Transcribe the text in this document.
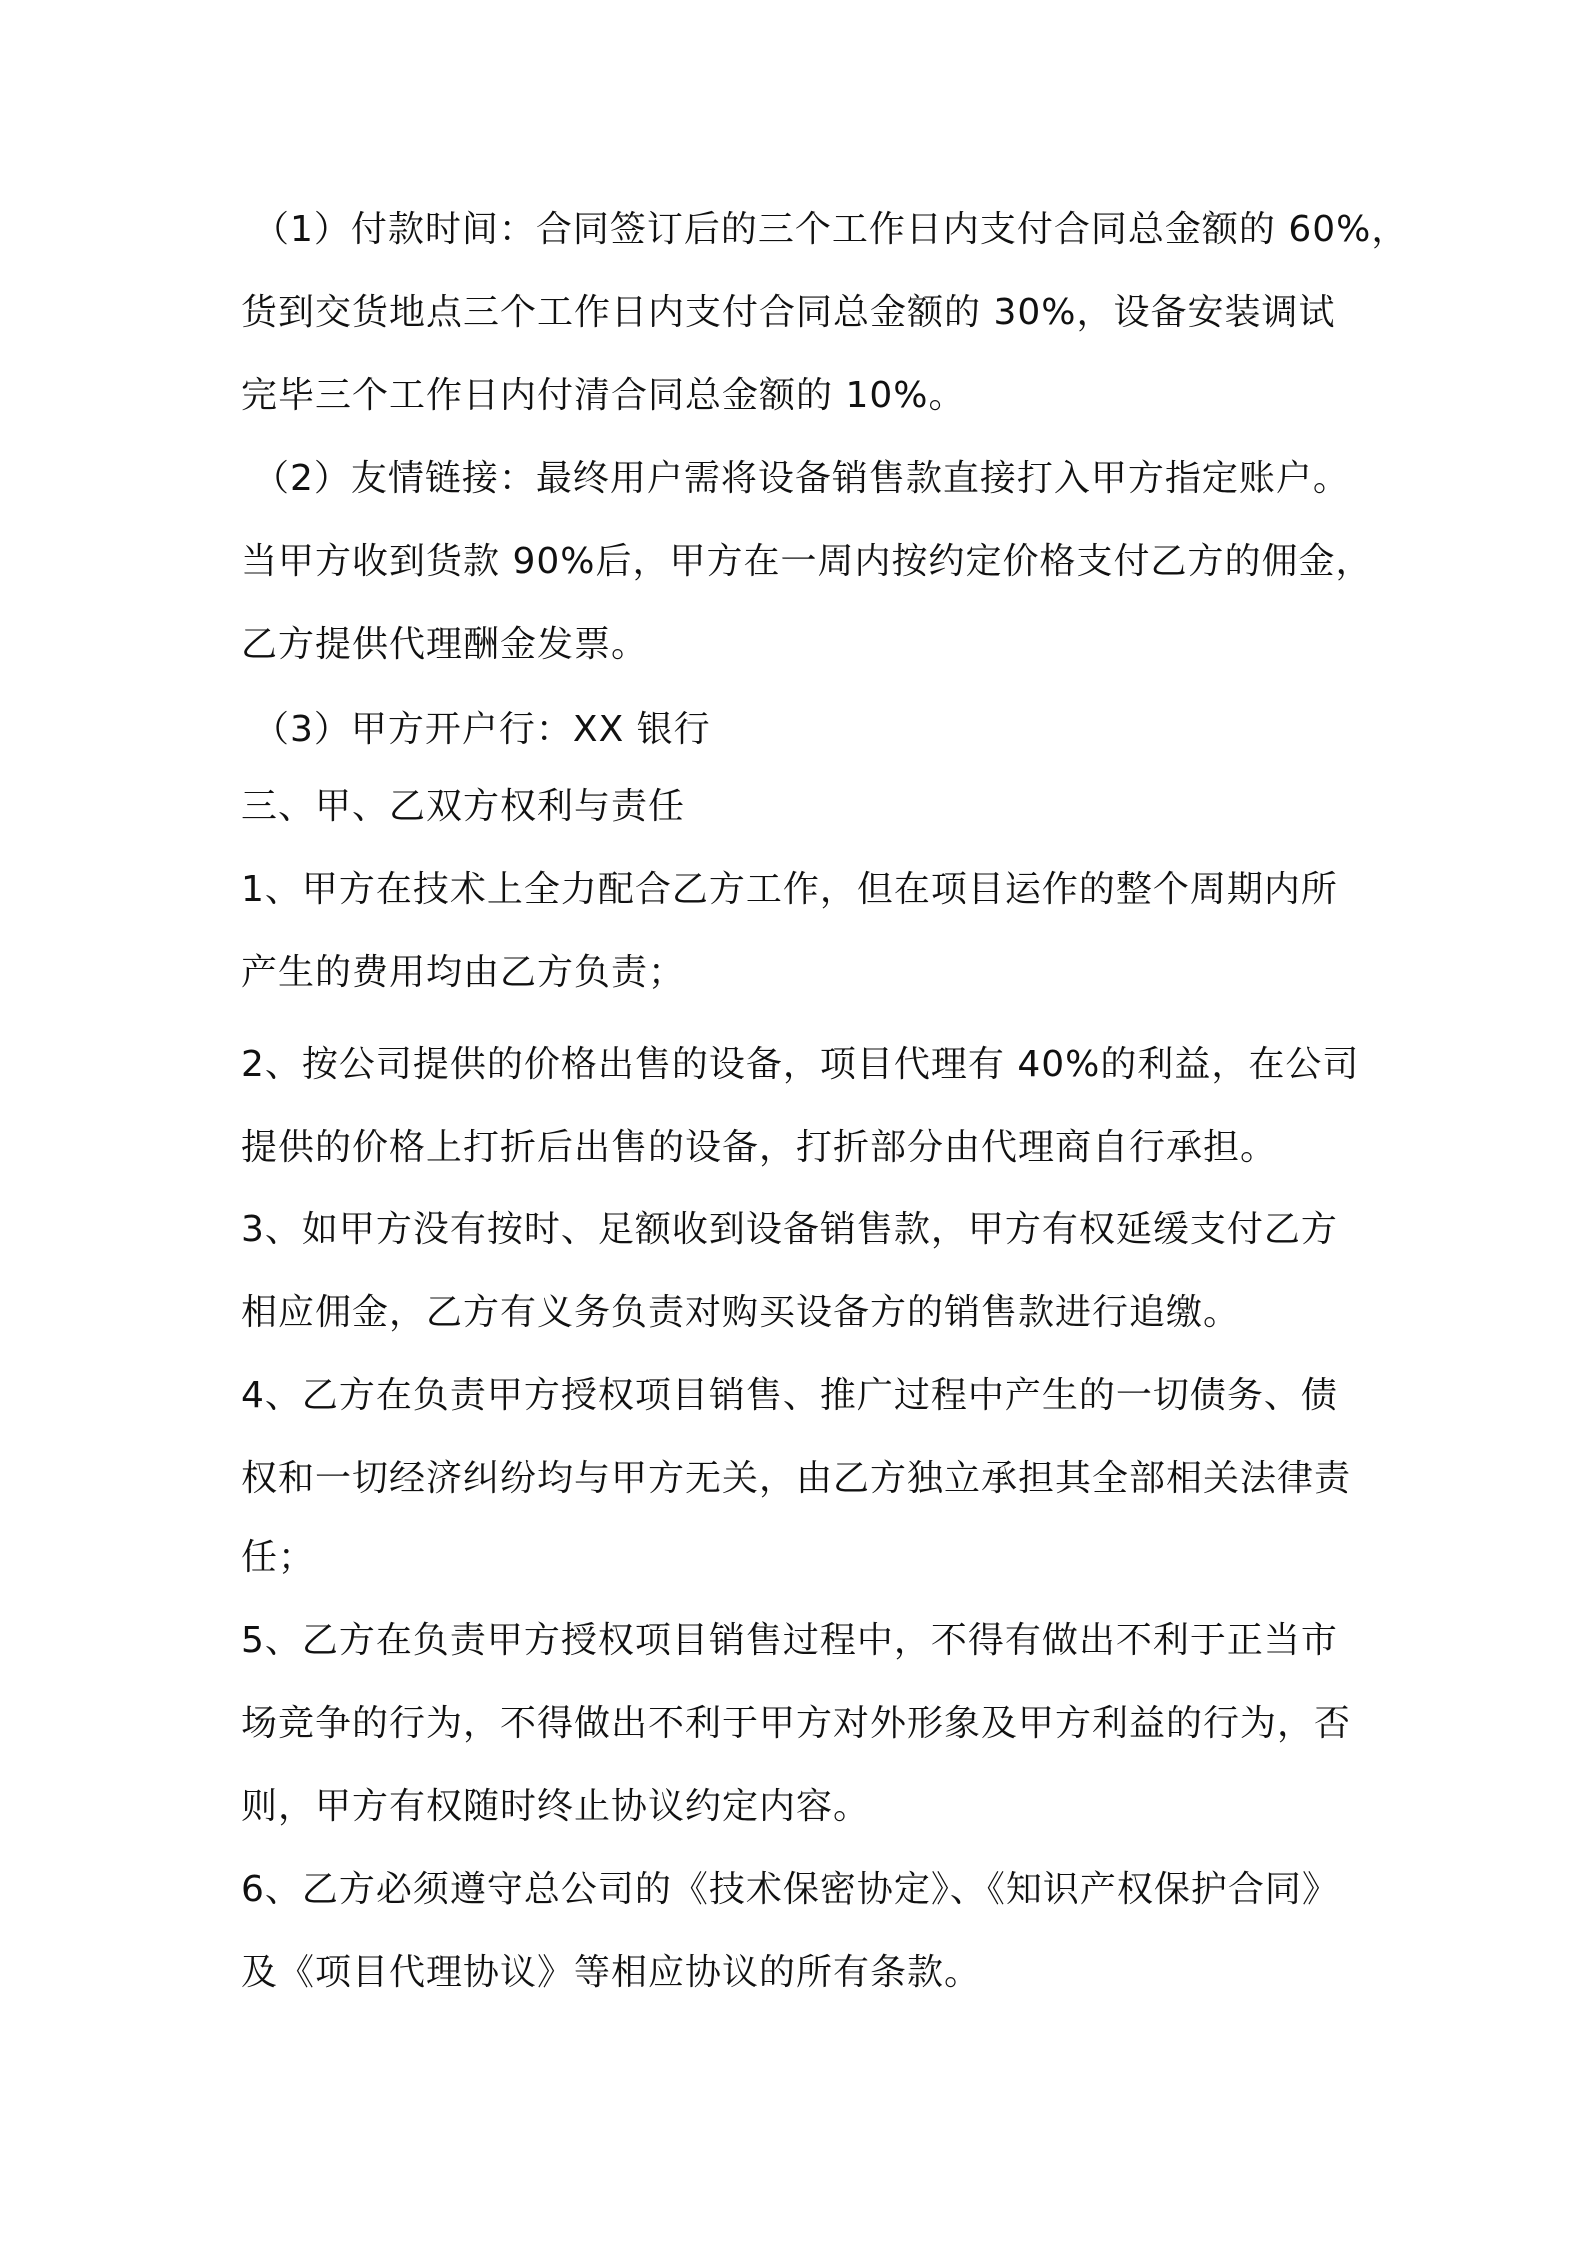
（1）付款时间：合同签订后的三个工作日内支付合同总金额的 60%，
货到交货地点三个工作日内支付合同总金额的 30%，设备安装调试
完毕三个工作日内付清合同总金额的 10%。
（2）友情链接：最终用户需将设备销售款直接打入甲方指定账户。
当甲方收到货款 90%后，甲方在一周内按约定价格支付乙方的佣金，
乙方提供代理酬金发票。
（3）甲方开户行：XX 银行
三、甲、乙双方权利与责任
1、甲方在技术上全力配合乙方工作，但在项目运作的整个周期内所
产生的费用均由乙方负责；
2、按公司提供的价格出售的设备，项目代理有 40%的利益，在公司
提供的价格上打折后出售的设备，打折部分由代理商自行承担。
3、如甲方没有按时、足额收到设备销售款，甲方有权延缓支付乙方
相应佣金，乙方有义务负责对购买设备方的销售款进行追缴。
4、乙方在负责甲方授权项目销售、推广过程中产生的一切债务、债
权和一切经济纠纷均与甲方无关，由乙方独立承担其全部相关法律责
任；
5、乙方在负责甲方授权项目销售过程中，不得有做出不利于正当市
场竞争的行为，不得做出不利于甲方对外形象及甲方利益的行为，否
则，甲方有权随时终止协议约定内容。
6、乙方必须遵守总公司的《技术保密协定》、《知识产权保护合同》
及《项目代理协议》等相应协议的所有条款。
